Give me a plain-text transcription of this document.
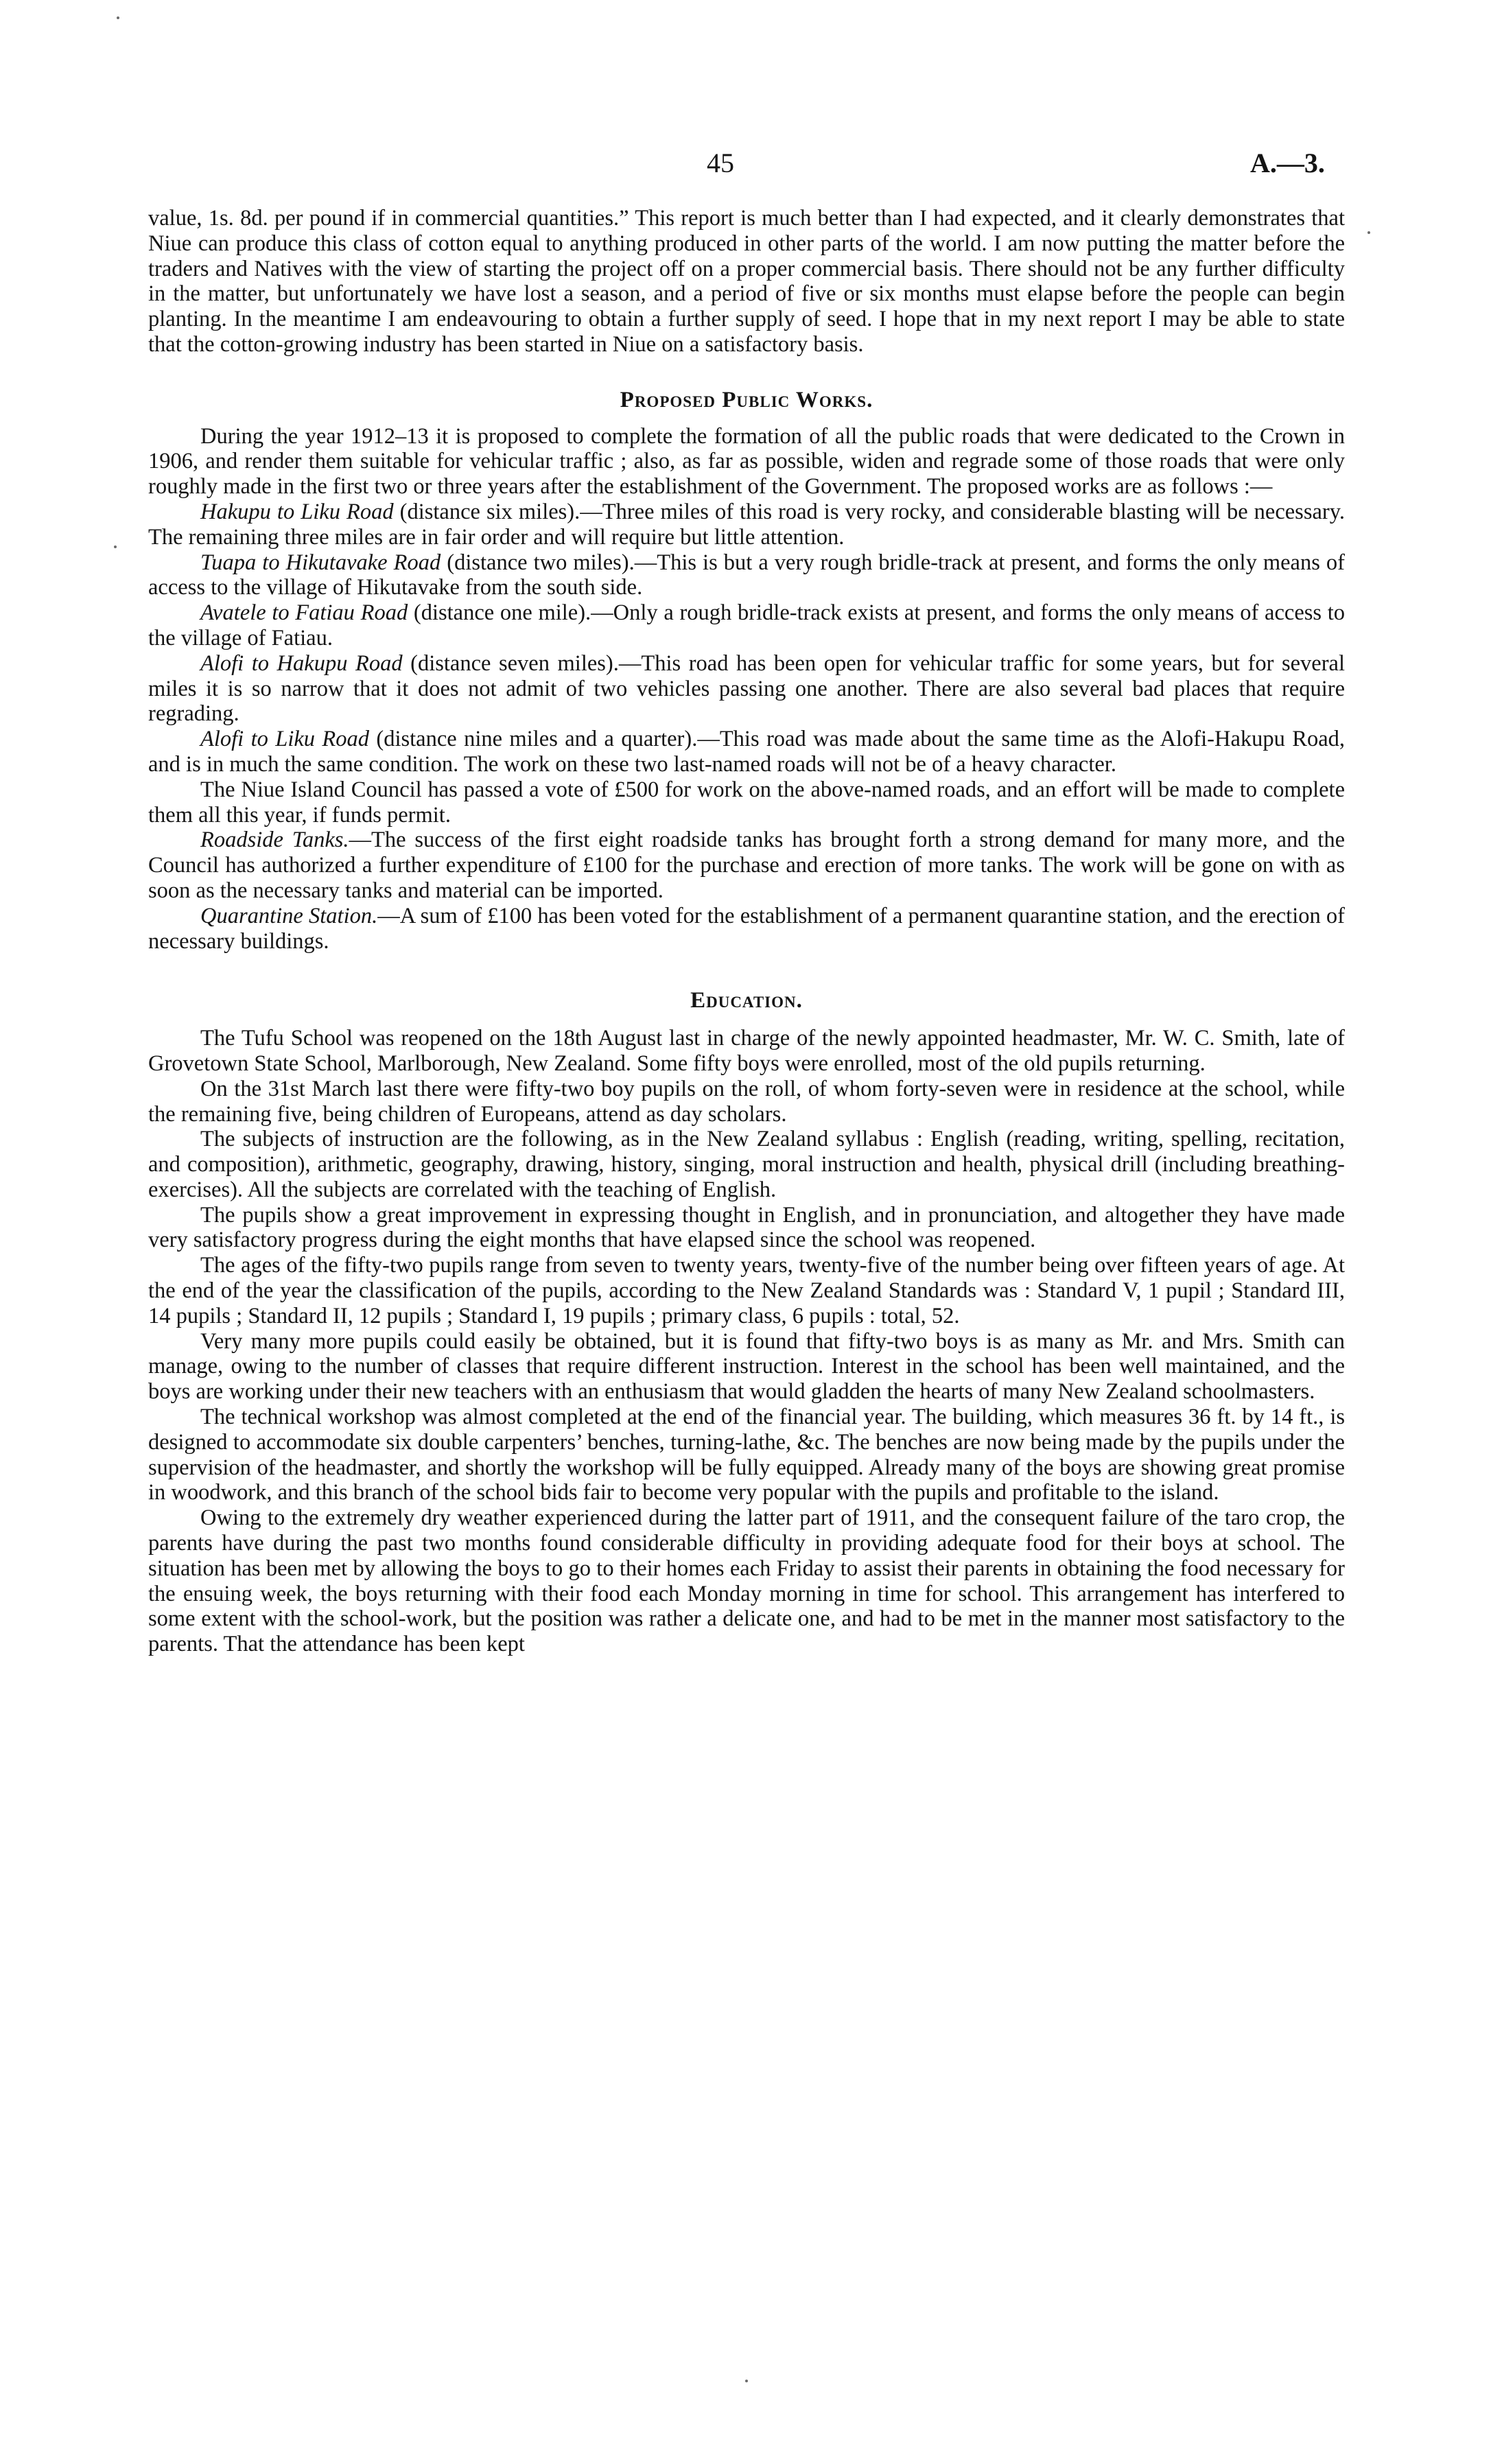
45	A.—3.

value, 1s. 8d. per pound if in commercial quantities.” This report is much better than I had expected, and it clearly demonstrates that Niue can produce this class of cotton equal to anything produced in other parts of the world. I am now putting the matter before the traders and Natives with the view of starting the project off on a proper commercial basis. There should not be any further difficulty in the matter, but unfortunately we have lost a season, and a period of five or six months must elapse before the people can begin planting. In the meantime I am endeavouring to obtain a further supply of seed. I hope that in my next report I may be able to state that the cotton-growing industry has been started in Niue on a satisfactory basis.

Proposed Public Works.

During the year 1912–13 it is proposed to complete the formation of all the public roads that were dedicated to the Crown in 1906, and render them suitable for vehicular traffic ; also, as far as possible, widen and regrade some of those roads that were only roughly made in the first two or three years after the establishment of the Government. The proposed works are as follows :—

Hakupu to Liku Road (distance six miles).—Three miles of this road is very rocky, and considerable blasting will be necessary. The remaining three miles are in fair order and will require but little attention.

Tuapa to Hikutavake Road (distance two miles).—This is but a very rough bridle-track at present, and forms the only means of access to the village of Hikutavake from the south side.

Avatele to Fatiau Road (distance one mile).—Only a rough bridle-track exists at present, and forms the only means of access to the village of Fatiau.

Alofi to Hakupu Road (distance seven miles).—This road has been open for vehicular traffic for some years, but for several miles it is so narrow that it does not admit of two vehicles passing one another. There are also several bad places that require regrading.

Alofi to Liku Road (distance nine miles and a quarter).—This road was made about the same time as the Alofi-Hakupu Road, and is in much the same condition. The work on these two last-named roads will not be of a heavy character.

The Niue Island Council has passed a vote of £500 for work on the above-named roads, and an effort will be made to complete them all this year, if funds permit.

Roadside Tanks.—The success of the first eight roadside tanks has brought forth a strong demand for many more, and the Council has authorized a further expenditure of £100 for the purchase and erection of more tanks. The work will be gone on with as soon as the necessary tanks and material can be imported.

Quarantine Station.—A sum of £100 has been voted for the establishment of a permanent quarantine station, and the erection of necessary buildings.

Education.

The Tufu School was reopened on the 18th August last in charge of the newly appointed headmaster, Mr. W. C. Smith, late of Grovetown State School, Marlborough, New Zealand. Some fifty boys were enrolled, most of the old pupils returning.

On the 31st March last there were fifty-two boy pupils on the roll, of whom forty-seven were in residence at the school, while the remaining five, being children of Europeans, attend as day scholars.

The subjects of instruction are the following, as in the New Zealand syllabus : English (reading, writing, spelling, recitation, and composition), arithmetic, geography, drawing, history, singing, moral instruction and health, physical drill (including breathing-exercises). All the subjects are correlated with the teaching of English.

The pupils show a great improvement in expressing thought in English, and in pronunciation, and altogether they have made very satisfactory progress during the eight months that have elapsed since the school was reopened.

The ages of the fifty-two pupils range from seven to twenty years, twenty-five of the number being over fifteen years of age. At the end of the year the classification of the pupils, according to the New Zealand Standards was : Standard V, 1 pupil ; Standard III, 14 pupils ; Standard II, 12 pupils ; Standard I, 19 pupils ; primary class, 6 pupils : total, 52.

Very many more pupils could easily be obtained, but it is found that fifty-two boys is as many as Mr. and Mrs. Smith can manage, owing to the number of classes that require different instruction. Interest in the school has been well maintained, and the boys are working under their new teachers with an enthusiasm that would gladden the hearts of many New Zealand schoolmasters.

The technical workshop was almost completed at the end of the financial year. The building, which measures 36 ft. by 14 ft., is designed to accommodate six double carpenters’ benches, turning-lathe, &c. The benches are now being made by the pupils under the supervision of the headmaster, and shortly the workshop will be fully equipped. Already many of the boys are showing great promise in woodwork, and this branch of the school bids fair to become very popular with the pupils and profitable to the island.

Owing to the extremely dry weather experienced during the latter part of 1911, and the consequent failure of the taro crop, the parents have during the past two months found considerable difficulty in providing adequate food for their boys at school. The situation has been met by allowing the boys to go to their homes each Friday to assist their parents in obtaining the food necessary for the ensuing week, the boys returning with their food each Monday morning in time for school. This arrangement has interfered to some extent with the school-work, but the position was rather a delicate one, and had to be met in the manner most satisfactory to the parents. That the attendance has been kept
